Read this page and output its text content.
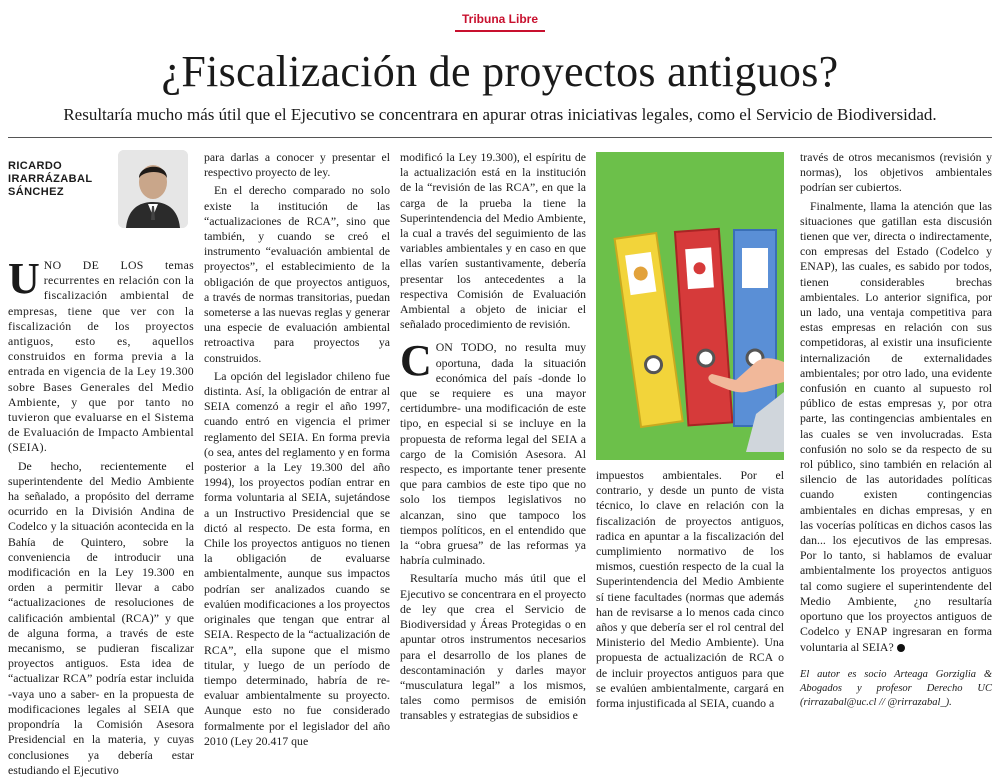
Tribuna Libre
¿Fiscalización de proyectos antiguos?
Resultaría mucho más útil que el Ejecutivo se concentrara en apurar otras iniciativas legales, como el Servicio de Biodiversidad.
RICARDO
IRARRÁZABAL
SÁNCHEZ

UNO DE LOS temas recurrentes en relación con la fiscalización ambiental de empresas, tiene que ver con la fiscalización de los proyectos antiguos, esto es, aquellos construidos en forma previa a la entrada en vigencia de la Ley 19.300 sobre Bases Generales del Medio Ambiente, y que por tanto no tuvieron que evaluarse en el Sistema de Evaluación de Impacto Ambiental (SEIA).

De hecho, recientemente el superintendente del Medio Ambiente ha señalado, a propósito del derrame ocurrido en la División Andina de Codelco y la situación acontecida en la Bahía de Quintero, sobre la conveniencia de introducir una modificación en la Ley 19.300 en orden a permitir llevar a cabo “actualizaciones de resoluciones de calificación ambiental (RCA)” y que de alguna forma, a través de este mecanismo, se pudieran fiscalizar proyectos antiguos. Esta idea de “actualizar RCA” podría estar incluida -vaya uno a saber- en la propuesta de modificaciones legales al SEIA que propondría la Comisión Asesora Presidencial en la materia, y cuyas conclusiones ya debería estar estudiando el Ejecutivo

para darlas a conocer y presentar el respectivo proyecto de ley.

En el derecho comparado no solo existe la institución de las “actualizaciones de RCA”, sino que también, y cuando se creó el instrumento “evaluación ambiental de proyectos”, el establecimiento de la obligación de que proyectos antiguos, a través de normas transitorias, puedan someterse a las nuevas reglas y generar una especie de evaluación ambiental retroactiva para proyectos ya construidos.

La opción del legislador chileno fue distinta. Así, la obligación de entrar al SEIA comenzó a regir el año 1997, cuando entró en vigencia el primer reglamento del SEIA. En forma previa (o sea, antes del reglamento y en forma posterior a la Ley 19.300 del año 1994), los proyectos podían entrar en forma voluntaria al SEIA, sujetándose a un Instructivo Presidencial que se dictó al respecto. De esta forma, en Chile los proyectos antiguos no tienen la obligación de evaluarse ambientalmente, aunque sus impactos podrían ser analizados cuando se evalúen modificaciones a los proyectos originales que tengan que entrar al SEIA. Respecto de la “actualización de RCA”, ella supone que el mismo titular, y luego de un período de tiempo determinado, habría de re-evaluar ambientalmente su proyecto. Aunque esto no fue considerado formalmente por el legislador del año 2010 (Ley 20.417 que

modificó la Ley 19.300), el espíritu de la actualización está en la institución de la “revisión de las RCA”, en que la carga de la prueba la tiene la Superintendencia del Medio Ambiente, la cual a través del seguimiento de las variables ambientales y en caso en que ellas varíen sustantivamente, debería presentar los antecedentes a la respectiva Comisión de Evaluación Ambiental a objeto de iniciar el señalado procedimiento de revisión.

CON TODO, no resulta muy oportuna, dada la situación económica del país -donde lo que se requiere es una mayor certidumbre- una modificación de este tipo, en especial si se incluye en la propuesta de reforma legal del SEIA a cargo de la Comisión Asesora. Al respecto, es importante tener presente que para cambios de este tipo que no solo los tiempos legislativos no alcanzan, sino que tampoco los tiempos políticos, en el entendido que la “obra gruesa” de las reformas ya habría culminado.

Resultaría mucho más útil que el Ejecutivo se concentrara en el proyecto de ley que crea el Servicio de Biodiversidad y Áreas Protegidas o en apuntar otros instrumentos necesarios para el desarrollo de los planes de descontaminación y darles mayor “musculatura legal” a los mismos, tales como permisos de emisión transables y estrategias de subsidios e

impuestos ambientales. Por el contrario, y desde un punto de vista técnico, lo clave en relación con la fiscalización de proyectos antiguos, radica en apuntar a la fiscalización del cumplimiento normativo de los mismos, cuestión respecto de la cual la Superintendencia del Medio Ambiente sí tiene facultades (normas que además han de revisarse a lo menos cada cinco años y que debería ser el rol central del Ministerio del Medio Ambiente). Una propuesta de actualización de RCA o de incluir proyectos antiguos para que se evalúen ambientalmente, cargará en forma injustificada al SEIA, cuando a

través de otros mecanismos (revisión y normas), los objetivos ambientales podrían ser cubiertos.

Finalmente, llama la atención que las situaciones que gatillan esta discusión tienen que ver, directa o indirectamente, con empresas del Estado (Codelco y ENAP), las cuales, es sabido por todos, tienen considerables brechas ambientales. Lo anterior significa, por un lado, una ventaja competitiva para estas empresas en relación con sus competidoras, al existir una insuficiente internalización de externalidades ambientales; por otro lado, una evidente confusión en cuanto al supuesto rol público de estas empresas y, por otra parte, las contingencias ambientales en las cuales se ven involucradas. Esta confusión no solo se da respecto de su rol público, sino también en relación al silencio de las autoridades políticas cuando existen contingencias ambientales en dichas empresas, y en las vocerías políticas en dichos casos las dan... los ejecutivos de las empresas. Por lo tanto, si hablamos de evaluar ambientalmente los proyectos antiguos tal como sugiere el superintendente del Medio Ambiente, ¿no resultaría oportuno que los proyectos antiguos de Codelco y ENAP ingresaran en forma voluntaria al SEIA?

El autor es socio Arteaga Gorziglia & Abogados y profesor Derecho UC (rirrazabal@uc.cl // @rirrazabal_).
